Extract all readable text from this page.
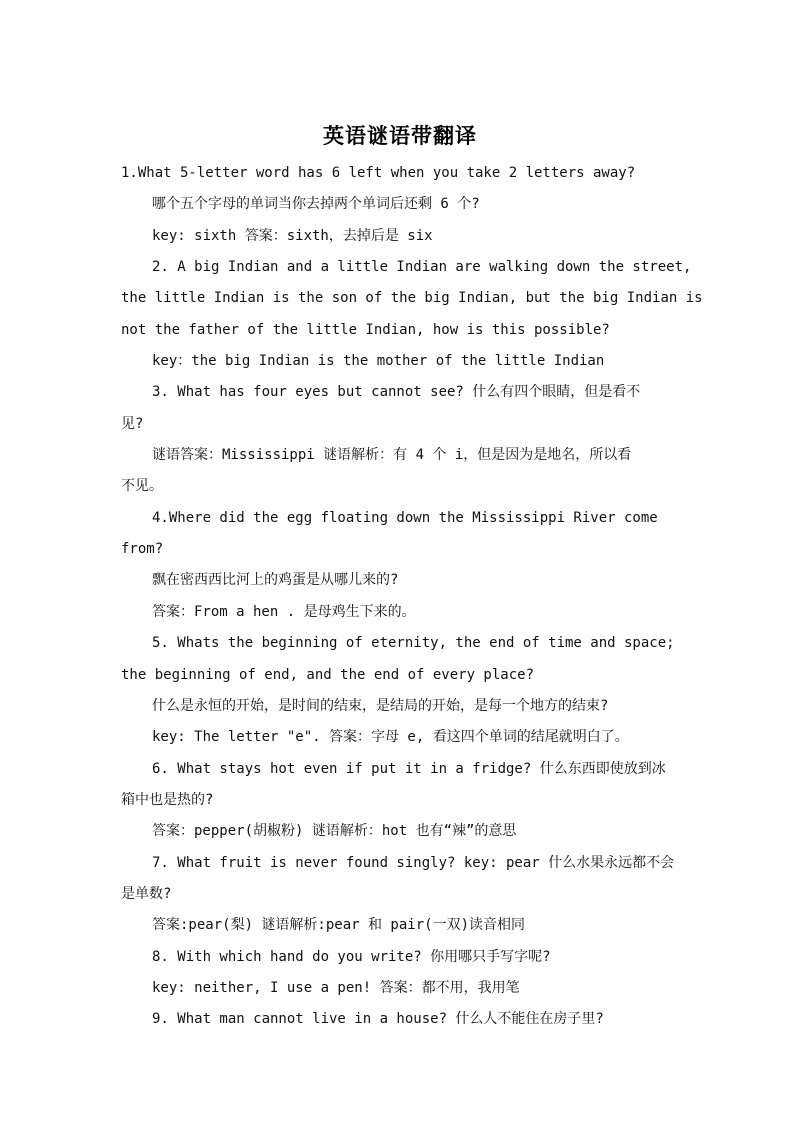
英语谜语带翻译
1.What 5-letter word has 6 left when you take 2 letters away?
哪个五个字母的单词当你去掉两个单词后还剩 6 个?
key: sixth 答案：sixth，去掉后是 six
2. A big Indian and a little Indian are walking down the street,
the little Indian is the son of the big Indian, but the big Indian is
not the father of the little Indian, how is this possible?
key：the big Indian is the mother of the little Indian
3. What has four eyes but cannot see? 什么有四个眼睛，但是看不
见?
谜语答案：Mississippi 谜语解析：有 4 个 i，但是因为是地名，所以看
不见。
4.Where did the egg floating down the Mississippi River come
from?
飘在密西西比河上的鸡蛋是从哪儿来的?
答案：From a hen . 是母鸡生下来的。
5. Whats the beginning of eternity, the end of time and space;
the beginning of end, and the end of every place?
什么是永恒的开始，是时间的结束，是结局的开始，是每一个地方的结束?
key: The letter "e". 答案：字母 e, 看这四个单词的结尾就明白了。
6. What stays hot even if put it in a fridge? 什么东西即使放到冰
箱中也是热的?
答案：pepper(胡椒粉) 谜语解析：hot 也有“辣”的意思
7. What fruit is never found singly? key: pear 什么水果永远都不会
是单数?
答案:pear(梨) 谜语解析:pear 和 pair(一双)读音相同
8. With which hand do you write? 你用哪只手写字呢?
key: neither, I use a pen! 答案：都不用，我用笔
9. What man cannot live in a house? 什么人不能住在房子里?
